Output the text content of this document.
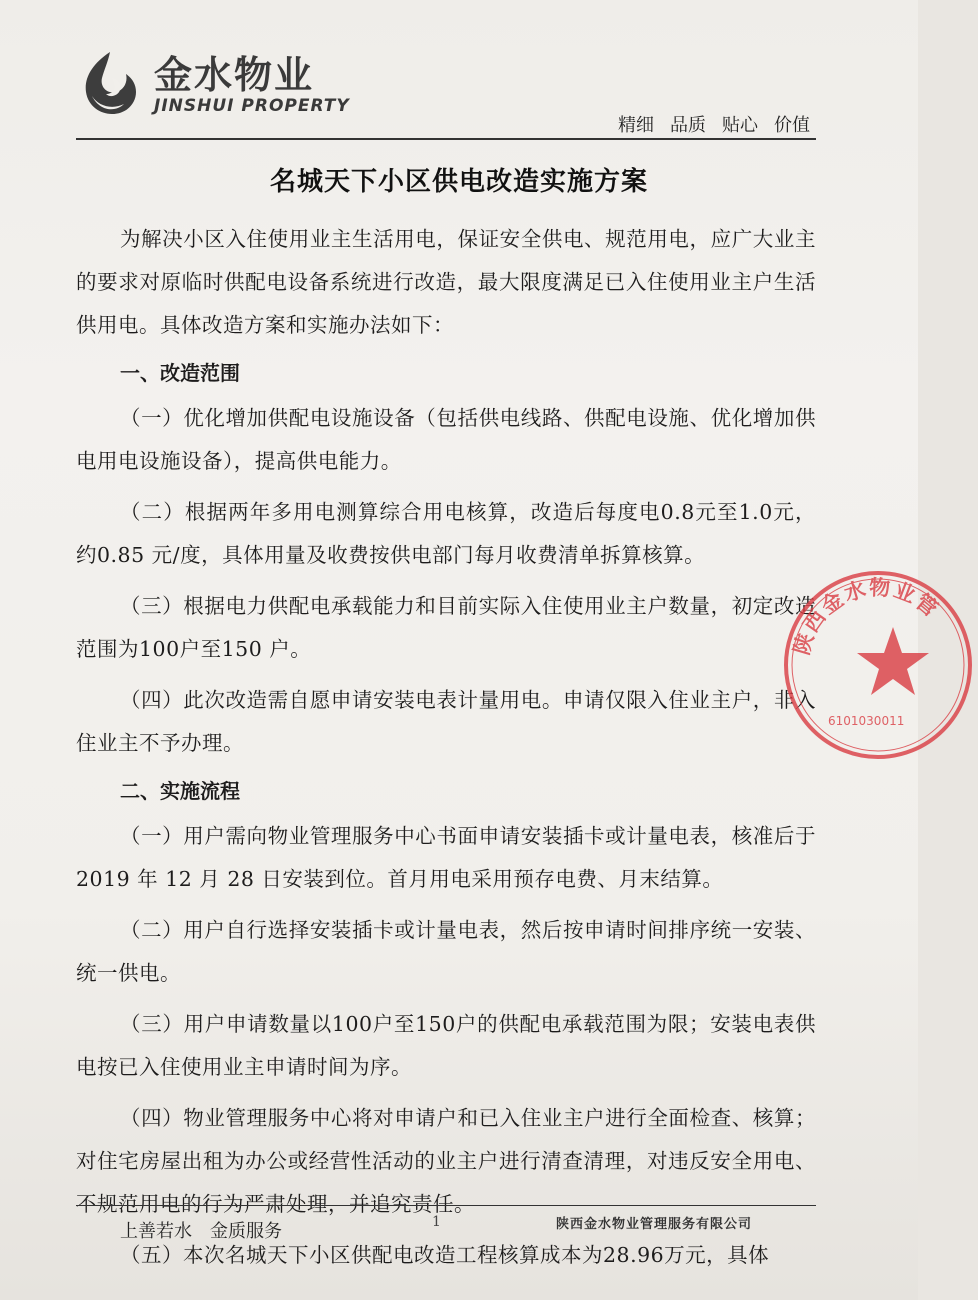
金水物业
JINSHUI PROPERTY
精细 品质 贴心 价值
名城天下小区供电改造实施方案

为解决小区入住使用业主生活用电，保证安全供电、规范用电，应广大业主的要求对原临时供配电设备系统进行改造，最大限度满足已入住使用业主户生活供用电。具体改造方案和实施办法如下：

一、改造范围

（一）优化增加供配电设施设备（包括供电线路、供配电设施、优化增加供电用电设施设备），提高供电能力。

（二）根据两年多用电测算综合用电核算，改造后每度电0.8元至1.0元，约0.85 元/度，具体用量及收费按供电部门每月收费清单拆算核算。

（三）根据电力供配电承载能力和目前实际入住使用业主户数量，初定改造范围为100户至150 户。

（四）此次改造需自愿申请安装电表计量用电。申请仅限入住业主户，非入住业主不予办理。

二、实施流程

（一）用户需向物业管理服务中心书面申请安装插卡或计量电表，核准后于 2019 年 12 月 28 日安装到位。首月用电采用预存电费、月末结算。

（二）用户自行选择安装插卡或计量电表，然后按申请时间排序统一安装、统一供电。

（三）用户申请数量以100户至150户的供配电承载范围为限；安装电表供电按已入住使用业主申请时间为序。

（四）物业管理服务中心将对申请户和已入住业主户进行全面检查、核算；对住宅房屋出租为办公或经营性活动的业主户进行清查清理，对违反安全用电、不规范用电的行为严肃处理，并追究责任。

（五）本次名城天下小区供配电改造工程核算成本为28.96万元，具体

陕西金水物业管
6101030011
上善若水 金质服务	1	陕西金水物业管理服务有限公司
